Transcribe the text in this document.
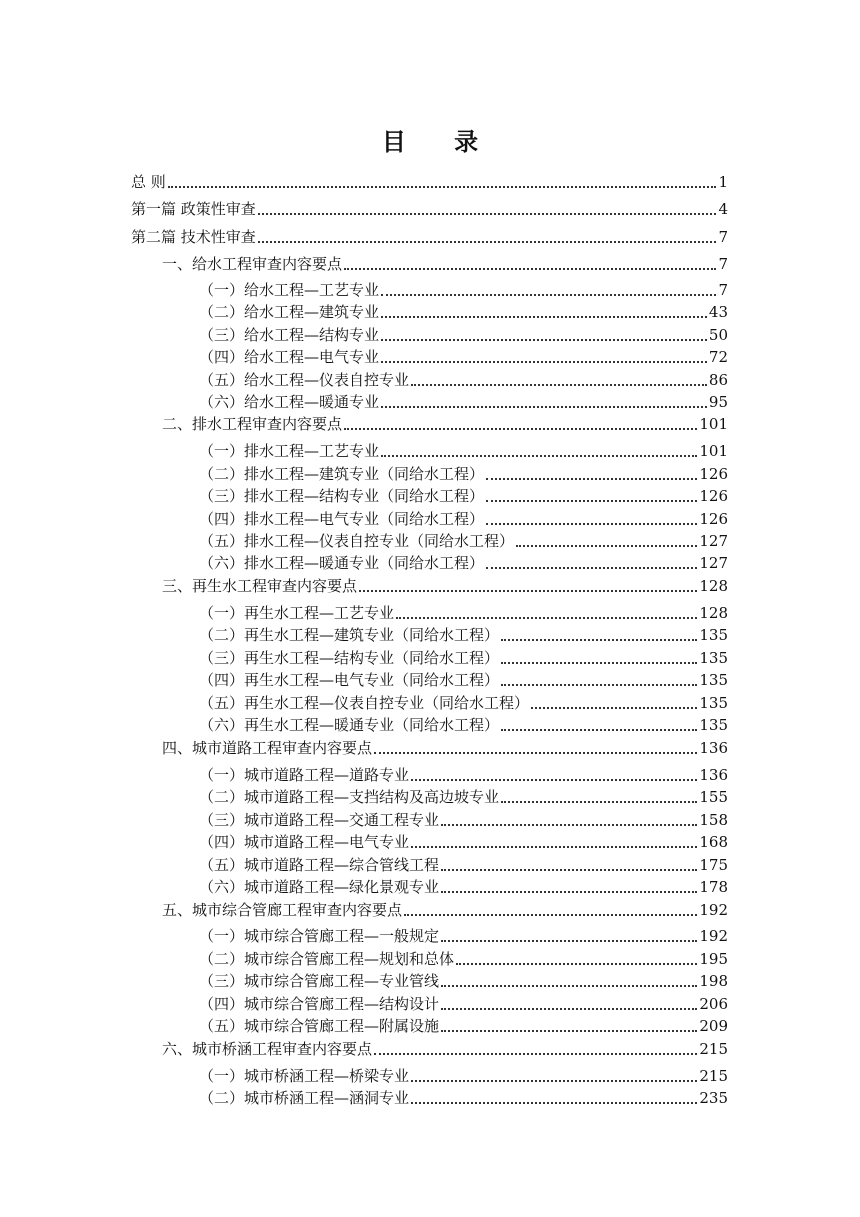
目 录
总 则	1
第一篇 政策性审查	4
第二篇 技术性审查	7
一、给水工程审查内容要点	7
（一）给水工程—工艺专业	7
（二）给水工程—建筑专业	43
（三）给水工程—结构专业	50
（四）给水工程—电气专业	72
（五）给水工程—仪表自控专业	86
（六）给水工程—暖通专业	95
二、排水工程审查内容要点	101
（一）排水工程—工艺专业	101
（二）排水工程—建筑专业（同给水工程）	126
（三）排水工程—结构专业（同给水工程）	126
（四）排水工程—电气专业（同给水工程）	126
（五）排水工程—仪表自控专业（同给水工程）	127
（六）排水工程—暖通专业（同给水工程）	127
三、再生水工程审查内容要点	128
（一）再生水工程—工艺专业	128
（二）再生水工程—建筑专业（同给水工程）	135
（三）再生水工程—结构专业（同给水工程）	135
（四）再生水工程—电气专业（同给水工程）	135
（五）再生水工程—仪表自控专业（同给水工程）	135
（六）再生水工程—暖通专业（同给水工程）	135
四、城市道路工程审查内容要点	136
（一）城市道路工程—道路专业	136
（二）城市道路工程—支挡结构及高边坡专业	155
（三）城市道路工程—交通工程专业	158
（四）城市道路工程—电气专业	168
（五）城市道路工程—综合管线工程	175
（六）城市道路工程—绿化景观专业	178
五、城市综合管廊工程审查内容要点	192
（一）城市综合管廊工程—一般规定	192
（二）城市综合管廊工程—规划和总体	195
（三）城市综合管廊工程—专业管线	198
（四）城市综合管廊工程—结构设计	206
（五）城市综合管廊工程—附属设施	209
六、城市桥涵工程审查内容要点	215
（一）城市桥涵工程—桥梁专业	215
（二）城市桥涵工程—涵洞专业	235
